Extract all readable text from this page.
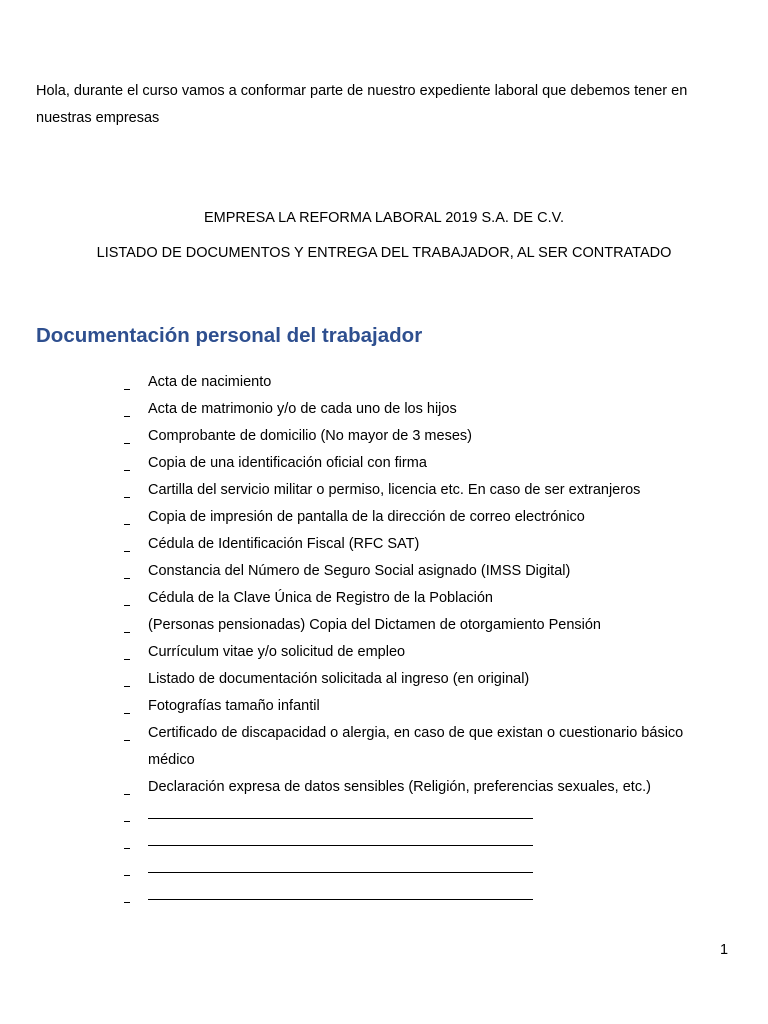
Hola, durante el curso vamos a conformar parte de nuestro expediente laboral que debemos tener en nuestras empresas

EMPRESA LA REFORMA LABORAL 2019 S.A. DE C.V.

LISTADO DE DOCUMENTOS Y ENTREGA DEL TRABAJADOR, AL SER CONTRATADO

Documentación personal del trabajador
Acta de nacimiento
Acta de matrimonio y/o de cada uno de los hijos
Comprobante de domicilio (No mayor de 3 meses)
Copia de una identificación oficial con firma
Cartilla del servicio militar o permiso, licencia etc. En caso de ser extranjeros
Copia de impresión de pantalla de la dirección de correo electrónico
Cédula de Identificación Fiscal (RFC SAT)
Constancia del Número de Seguro Social asignado (IMSS Digital)
Cédula de la Clave Única de Registro de la Población
(Personas pensionadas) Copia del Dictamen de otorgamiento Pensión
Currículum vitae y/o solicitud de empleo
Listado de documentación solicitada al ingreso (en original)
Fotografías tamaño infantil
Certificado de discapacidad o alergia, en caso de que existan o cuestionario básico médico
Declaración expresa de datos sensibles (Religión, preferencias sexuales, etc.)

1
